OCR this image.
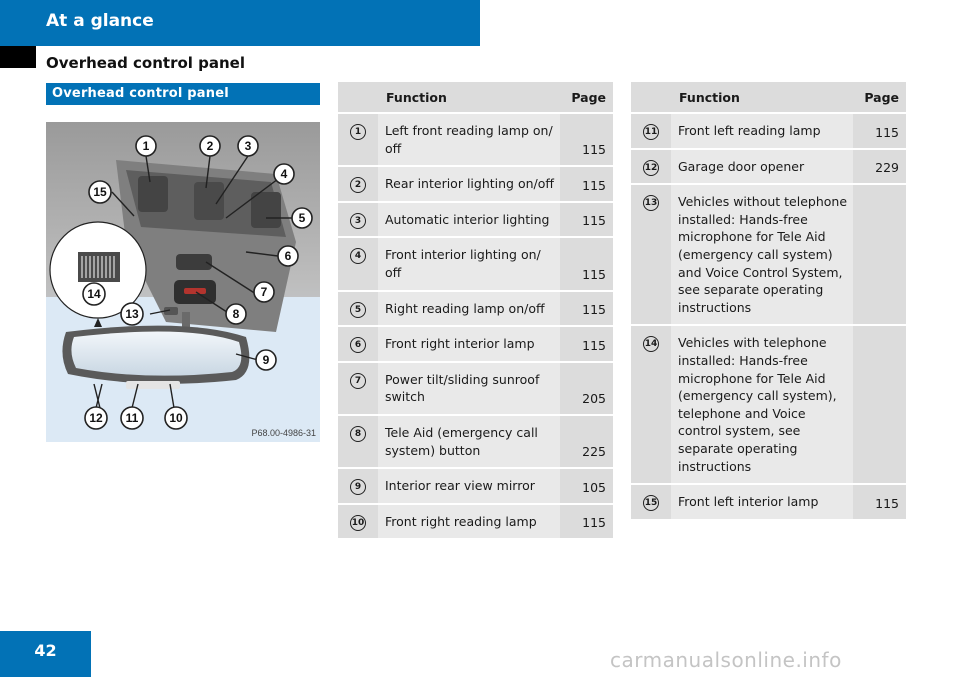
At a glance
Overhead control panel
Overhead control panel
1	2	3
4
5
6
7
8
9
10
11
12
13
14
15
P68.00-4986-31
	Function	Page
1	Left front reading lamp on/ off	115
2	Rear interior lighting on/off	115
3	Automatic interior lighting	115
4	Front interior lighting on/ off	115
5	Right reading lamp on/off	115
6	Front right interior lamp	115
7	Power tilt/sliding sunroof switch	205
8	Tele Aid (emergency call system) button	225
9	Interior rear view mirror	105
10	Front right reading lamp	115
	Function	Page
11	Front left reading lamp	115
12	Garage door opener	229
13	Vehicles without telephone installed: Hands-free microphone for Tele Aid (emergency call system) and Voice Control System, see separate operating instructions	
14	Vehicles with telephone installed: Hands-free microphone for Tele Aid (emergency call system), telephone and Voice control system, see separate operating instructions	
15	Front left interior lamp	115
42	carmanualsonline.info
